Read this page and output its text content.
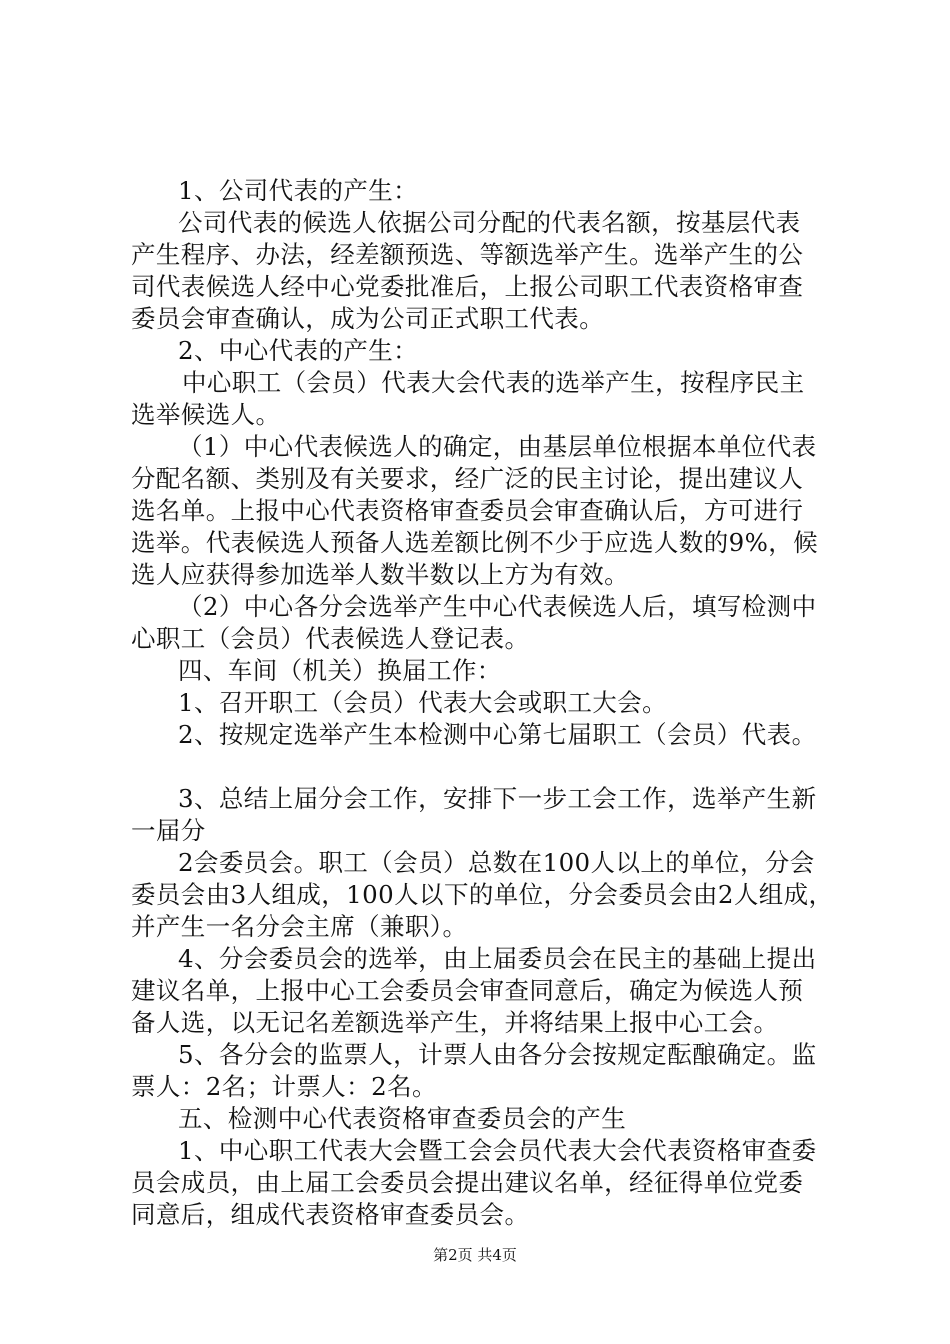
1、公司代表的产生：

公司代表的候选人依据公司分配的代表名额，按基层代表

产生程序、办法，经差额预选、等额选举产生。选举产生的公

司代表候选人经中心党委批准后，上报公司职工代表资格审查

委员会审查确认，成为公司正式职工代表。

2、中心代表的产生：

中心职工（会员）代表大会代表的选举产生，按程序民主

选举候选人。

（1）中心代表候选人的确定，由基层单位根据本单位代表

分配名额、类别及有关要求，经广泛的民主讨论，提出建议人

选名单。上报中心代表资格审查委员会审查确认后，方可进行

选举。代表候选人预备人选差额比例不少于应选人数的9%，候

选人应获得参加选举人数半数以上方为有效。

（2）中心各分会选举产生中心代表候选人后，填写检测中

心职工（会员）代表候选人登记表。

四、车间（机关）换届工作：

1、召开职工（会员）代表大会或职工大会。

2、按规定选举产生本检测中心第七届职工（会员）代表。

3、总结上届分会工作，安排下一步工会工作，选举产生新

一届分

2会委员会。职工（会员）总数在100人以上的单位，分会

委员会由3人组成，100人以下的单位，分会委员会由2人组成，

并产生一名分会主席（兼职）。

4、分会委员会的选举，由上届委员会在民主的基础上提出

建议名单，上报中心工会委员会审查同意后，确定为候选人预

备人选，以无记名差额选举产生，并将结果上报中心工会。

5、各分会的监票人，计票人由各分会按规定酝酿确定。监

票人：2名；计票人：2名。

五、检测中心代表资格审查委员会的产生

1、中心职工代表大会暨工会会员代表大会代表资格审查委

员会成员，由上届工会委员会提出建议名单，经征得单位党委

同意后，组成代表资格审查委员会。

第2页 共4页
